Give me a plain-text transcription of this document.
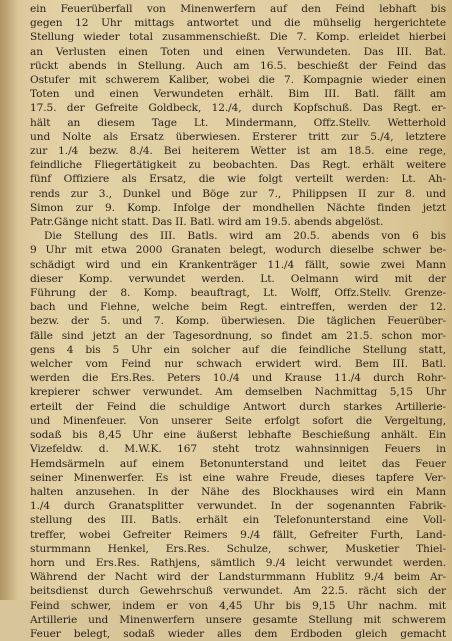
ein Feuerüberfall von Minenwerfern auf den Feind lebhaft bis
gegen 12 Uhr mittags antwortet und die mühselig hergerichtete
Stellung wieder total zusammenschießt. Die 7. Komp. erleidet hierbei
an Verlusten einen Toten und einen Verwundeten. Das III. Bat.
rückt abends in Stellung. Auch am 16.5. beschießt der Feind das
Ostufer mit schwerem Kaliber, wobei die 7. Kompagnie wieder einen
Toten und einen Verwundeten erhält. Bim III. Batl. fällt am
17.5. der Gefreite Goldbeck, 12./4, durch Kopfschuß. Das Regt. er-
hält an diesem Tage Lt. Mindermann, Offz.Stellv. Wetterhold
und Nolte als Ersatz überwiesen. Ersterer tritt zur 5./4, letztere
zur 1./4 bezw. 8./4. Bei heiterem Wetter ist am 18.5. eine rege,
feindliche Fliegertätigkeit zu beobachten. Das Regt. erhält weitere
fünf Offiziere als Ersatz, die wie folgt verteilt werden: Lt. Ah-
rends zur 3., Dunkel und Böge zur 7., Philippsen II zur 8. und
Simon zur 9. Komp. Infolge der mondhellen Nächte finden jetzt
Patr.Gänge nicht statt. Das II. Batl. wird am 19.5. abends abgelöst.
Die Stellung des III. Batls. wird am 20.5. abends von 6 bis
9 Uhr mit etwa 2000 Granaten belegt, wodurch dieselbe schwer be-
schädigt wird und ein Krankenträger 11./4 fällt, sowie zwei Mann
dieser Komp. verwundet werden. Lt. Oelmann wird mit der
Führung der 8. Komp. beauftragt, Lt. Wolff, Offz.Stellv. Grenze-
bach und Fiehne, welche beim Regt. eintreffen, werden der 12.
bezw. der 5. und 7. Komp. überwiesen. Die täglichen Feuerüber-
fälle sind jetzt an der Tagesordnung, so findet am 21.5. schon mor-
gens 4 bis 5 Uhr ein solcher auf die feindliche Stellung statt,
welcher vom Feind nur schwach erwidert wird. Bem III. Batl.
werden die Ers.Res. Peters 10./4 und Krause 11./4 durch Rohr-
krepierer schwer verwundet. Am demselben Nachmittag 5,15 Uhr
erteilt der Feind die schuldige Antwort durch starkes Artillerie-
und Minenfeuer. Von unserer Seite erfolgt sofort die Vergeltung,
sodaß bis 8,45 Uhr eine äußerst lebhafte Beschießung anhält. Ein
Vizefeldw. d. M.W.K. 167 steht trotz wahnsinnigen Feuers in
Hemdsärmeln auf einem Betonunterstand und leitet das Feuer
seiner Minenwerfer. Es ist eine wahre Freude, dieses tapfere Ver-
halten anzusehen. In der Nähe des Blockhauses wird ein Mann
1./4 durch Granatsplitter verwundet. In der sogenannten Fabrik-
stellung des III. Batls. erhält ein Telefonunterstand eine Voll-
treffer, wobei Gefreiter Reimers 9./4 fällt, Gefreiter Furth, Land-
sturmmann Henkel, Ers.Res. Schulze, schwer, Musketier Thiel-
horn und Ers.Res. Rathjens, sämtlich 9./4 leicht verwundet werden.
Während der Nacht wird der Landsturmmann Hublitz 9./4 beim Ar-
beitsdienst durch Gewehrschuß verwundet. Am 22.5. rächt sich der
Feind schwer, indem er von 4,45 Uhr bis 9,15 Uhr nachm. mit
Artillerie und Minenwerfern unsere gesamte Stellung mit schwerem
Feuer belegt, sodaß wieder alles dem Erdboden gleich gemacht
